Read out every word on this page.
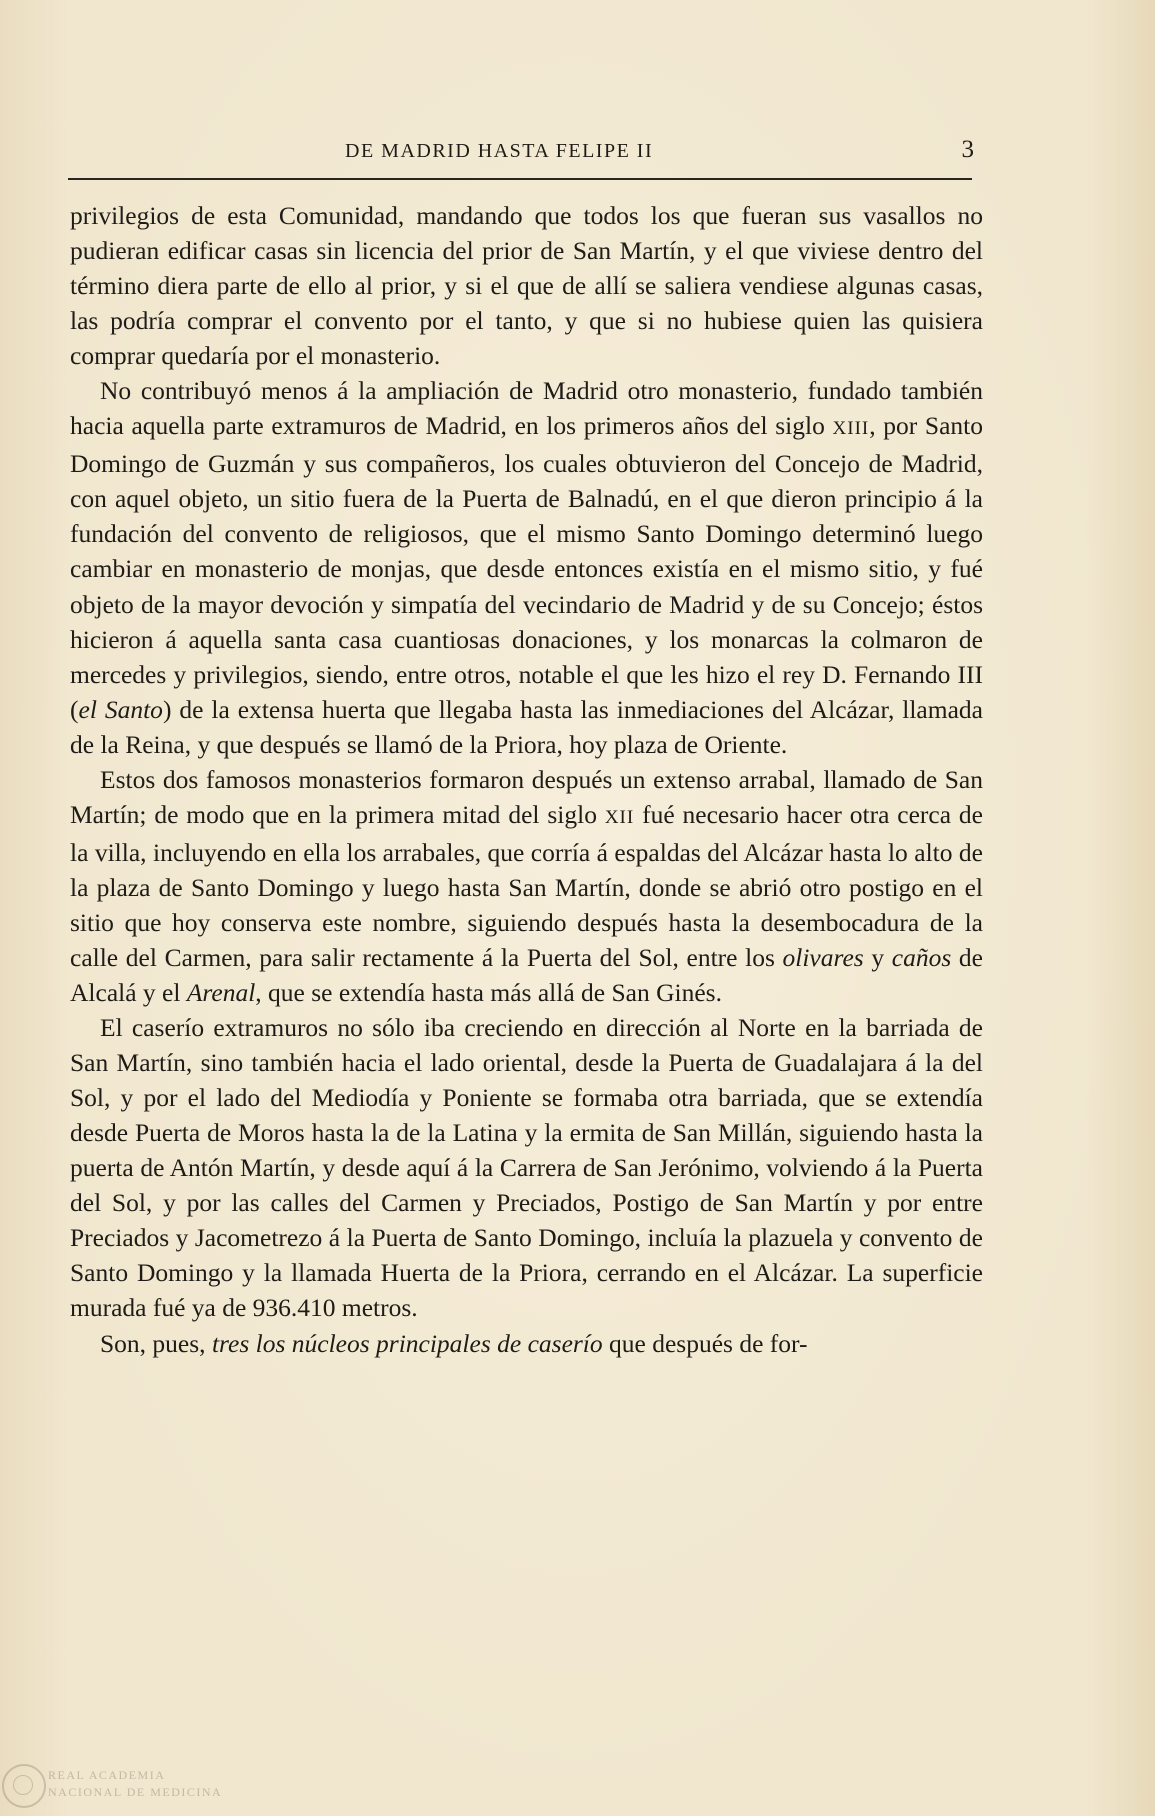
DE MADRID HASTA FELIPE II	3

privilegios de esta Comunidad, mandando que todos los que fueran sus vasallos no pudieran edificar casas sin licencia del prior de San Martín, y el que viviese dentro del término diera parte de ello al prior, y si el que de allí se saliera vendiese algunas casas, las podría comprar el convento por el tanto, y que si no hubiese quien las quisiera comprar quedaría por el monasterio.

No contribuyó menos á la ampliación de Madrid otro monasterio, fundado también hacia aquella parte extramuros de Madrid, en los primeros años del siglo XIII, por Santo Domingo de Guzmán y sus compañeros, los cuales obtuvieron del Concejo de Madrid, con aquel objeto, un sitio fuera de la Puerta de Balnadú, en el que dieron principio á la fundación del convento de religiosos, que el mismo Santo Domingo determinó luego cambiar en monasterio de monjas, que desde entonces existía en el mismo sitio, y fué objeto de la mayor devoción y simpatía del vecindario de Madrid y de su Concejo; éstos hicieron á aquella santa casa cuantiosas donaciones, y los monarcas la colmaron de mercedes y privilegios, siendo, entre otros, notable el que les hizo el rey D. Fernando III (el Santo) de la extensa huerta que llegaba hasta las inmediaciones del Alcázar, llamada de la Reina, y que después se llamó de la Priora, hoy plaza de Oriente.

Estos dos famosos monasterios formaron después un extenso arrabal, llamado de San Martín; de modo que en la primera mitad del siglo XII fué necesario hacer otra cerca de la villa, incluyendo en ella los arrabales, que corría á espaldas del Alcázar hasta lo alto de la plaza de Santo Domingo y luego hasta San Martín, donde se abrió otro postigo en el sitio que hoy conserva este nombre, siguiendo después hasta la desembocadura de la calle del Carmen, para salir rectamente á la Puerta del Sol, entre los olivares y caños de Alcalá y el Arenal, que se extendía hasta más allá de San Ginés.

El caserío extramuros no sólo iba creciendo en dirección al Norte en la barriada de San Martín, sino también hacia el lado oriental, desde la Puerta de Guadalajara á la del Sol, y por el lado del Mediodía y Poniente se formaba otra barriada, que se extendía desde Puerta de Moros hasta la de la Latina y la ermita de San Millán, siguiendo hasta la puerta de Antón Martín, y desde aquí á la Carrera de San Jerónimo, volviendo á la Puerta del Sol, y por las calles del Carmen y Preciados, Postigo de San Martín y por entre Preciados y Jacometrezo á la Puerta de Santo Domingo, incluía la plazuela y convento de Santo Domingo y la llamada Huerta de la Priora, cerrando en el Alcázar. La superficie murada fué ya de 936.410 metros.

Son, pues, tres los núcleos principales de caserío que después de for-

REAL ACADEMIA
NACIONAL DE MEDICINA
